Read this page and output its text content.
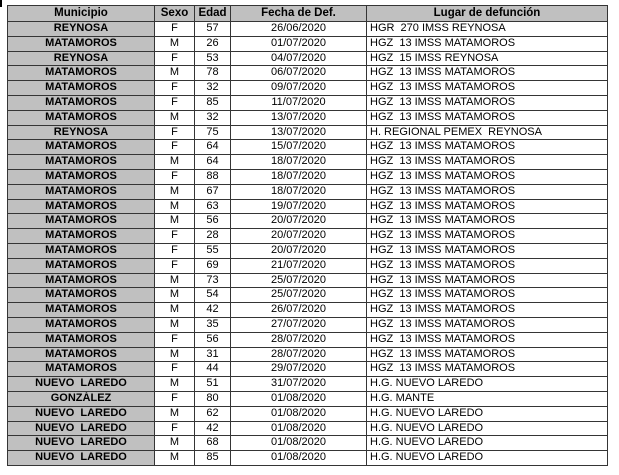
Municipio	Sexo	Edad	Fecha de Def.	Lugar de defunción
REYNOSA	F	57	26/06/2020	HGR  270 IMSS REYNOSA
MATAMOROS	M	26	01/07/2020	HGZ  13 IMSS MATAMOROS
REYNOSA	F	53	04/07/2020	HGZ  15 IMSS REYNOSA
MATAMOROS	M	78	06/07/2020	HGZ  13 IMSS MATAMOROS
MATAMOROS	F	32	09/07/2020	HGZ  13 IMSS MATAMOROS
MATAMOROS	F	85	11/07/2020	HGZ  13 IMSS MATAMOROS
MATAMOROS	M	32	13/07/2020	HGZ  13 IMSS MATAMOROS
REYNOSA	F	75	13/07/2020	H. REGIONAL PEMEX  REYNOSA
MATAMOROS	F	64	15/07/2020	HGZ  13 IMSS MATAMOROS
MATAMOROS	M	64	18/07/2020	HGZ  13 IMSS MATAMOROS
MATAMOROS	F	88	18/07/2020	HGZ  13 IMSS MATAMOROS
MATAMOROS	M	67	18/07/2020	HGZ  13 IMSS MATAMOROS
MATAMOROS	M	63	19/07/2020	HGZ  13 IMSS MATAMOROS
MATAMOROS	M	56	20/07/2020	HGZ  13 IMSS MATAMOROS
MATAMOROS	F	28	20/07/2020	HGZ  13 IMSS MATAMOROS
MATAMOROS	F	55	20/07/2020	HGZ  13 IMSS MATAMOROS
MATAMOROS	F	69	21/07/2020	HGZ  13 IMSS MATAMOROS
MATAMOROS	M	73	25/07/2020	HGZ  13 IMSS MATAMOROS
MATAMOROS	M	54	25/07/2020	HGZ  13 IMSS MATAMOROS
MATAMOROS	M	42	26/07/2020	HGZ  13 IMSS MATAMOROS
MATAMOROS	M	35	27/07/2020	HGZ  13 IMSS MATAMOROS
MATAMOROS	F	56	28/07/2020	HGZ  13 IMSS MATAMOROS
MATAMOROS	M	31	28/07/2020	HGZ  13 IMSS MATAMOROS
MATAMOROS	F	44	29/07/2020	HGZ  13 IMSS MATAMOROS
NUEVO  LAREDO	M	51	31/07/2020	H.G. NUEVO LAREDO
GONZÁLEZ	F	80	01/08/2020	H.G. MANTE
NUEVO  LAREDO	M	62	01/08/2020	H.G. NUEVO LAREDO
NUEVO  LAREDO	F	42	01/08/2020	H.G. NUEVO LAREDO
NUEVO  LAREDO	M	68	01/08/2020	H.G. NUEVO LAREDO
NUEVO  LAREDO	M	85	01/08/2020	H.G. NUEVO LAREDO
